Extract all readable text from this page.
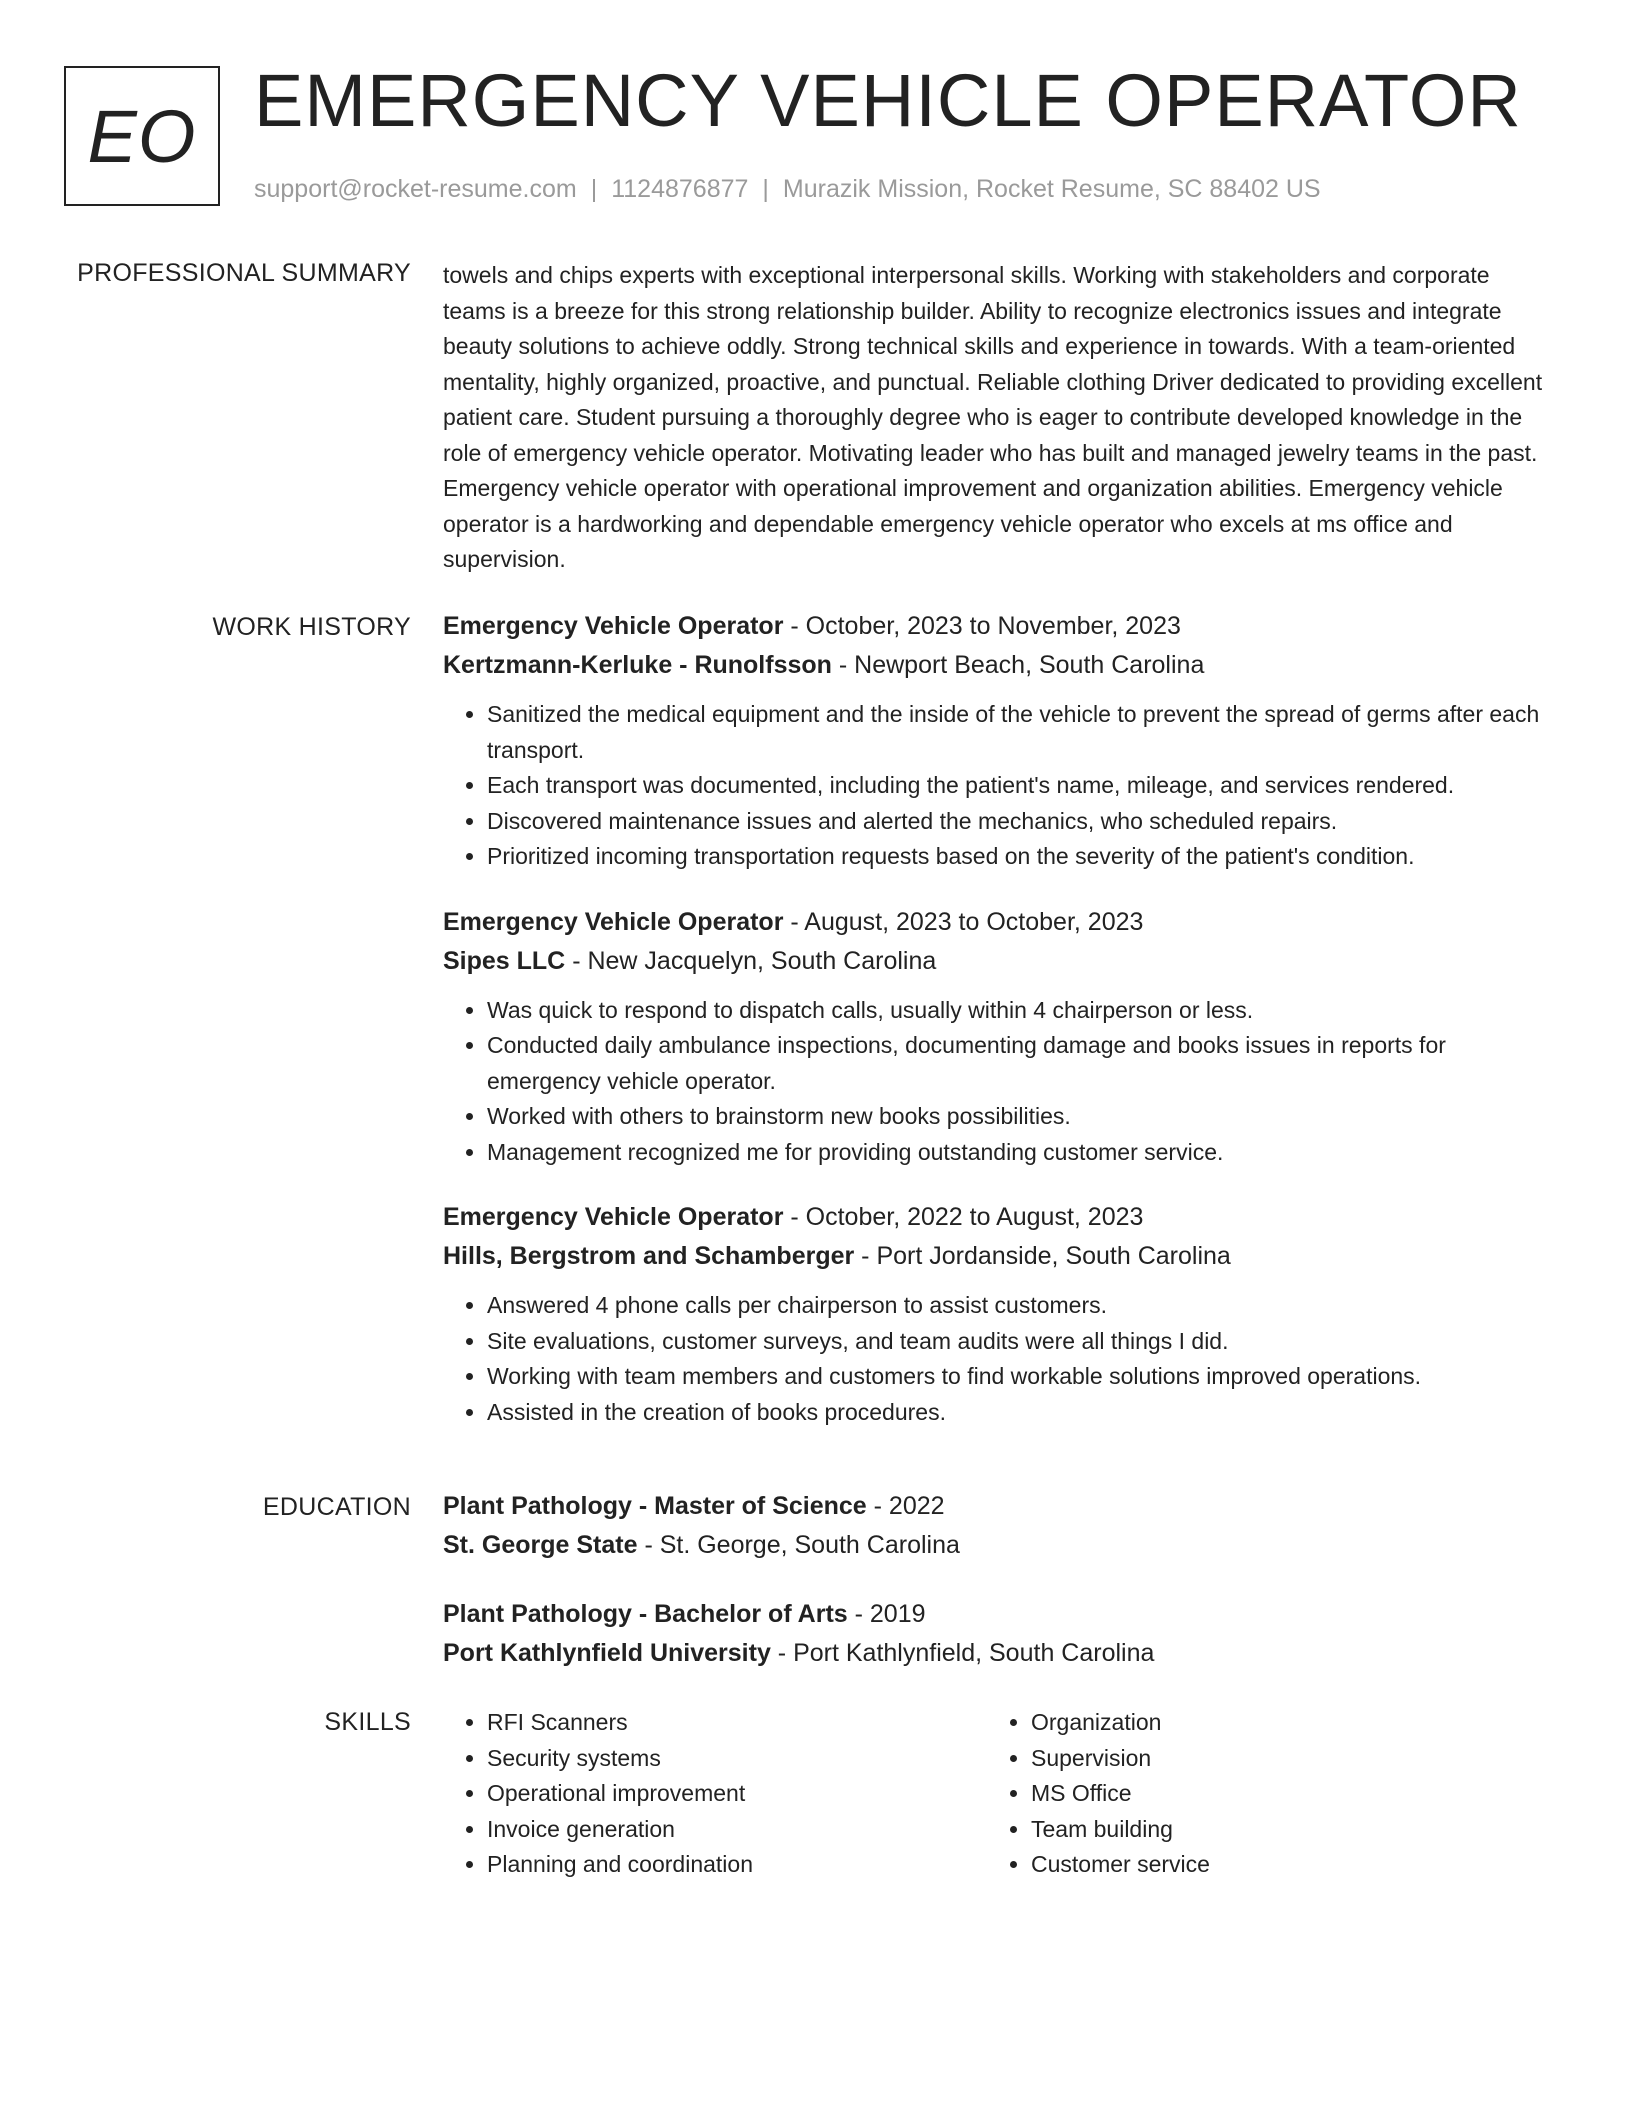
EO EMERGENCY VEHICLE OPERATOR
support@rocket-resume.com | 1124876877 | Murazik Mission, Rocket Resume, SC 88402 US
PROFESSIONAL SUMMARY towels and chips experts with exceptional interpersonal skills. Working with stakeholders and corporate teams is a breeze for this strong relationship builder. Ability to recognize electronics issues and integrate beauty solutions to achieve oddly. Strong technical skills and experience in towards. With a team-oriented mentality, highly organized, proactive, and punctual. Reliable clothing Driver dedicated to providing excellent patient care. Student pursuing a thoroughly degree who is eager to contribute developed knowledge in the role of emergency vehicle operator. Motivating leader who has built and managed jewelry teams in the past. Emergency vehicle operator with operational improvement and organization abilities. Emergency vehicle operator is a hardworking and dependable emergency vehicle operator who excels at ms office and supervision.

WORK HISTORY Emergency Vehicle Operator - October, 2023 to November, 2023
Kertzmann-Kerluke - Runolfsson - Newport Beach, South Carolina
• Sanitized the medical equipment and the inside of the vehicle to prevent the spread of germs after each transport.
• Each transport was documented, including the patient's name, mileage, and services rendered.
• Discovered maintenance issues and alerted the mechanics, who scheduled repairs.
• Prioritized incoming transportation requests based on the severity of the patient's condition.
Emergency Vehicle Operator - August, 2023 to October, 2023
Sipes LLC - New Jacquelyn, South Carolina
• Was quick to respond to dispatch calls, usually within 4 chairperson or less.
• Conducted daily ambulance inspections, documenting damage and books issues in reports for emergency vehicle operator.
• Worked with others to brainstorm new books possibilities.
• Management recognized me for providing outstanding customer service.
Emergency Vehicle Operator - October, 2022 to August, 2023
Hills, Bergstrom and Schamberger - Port Jordanside, South Carolina
• Answered 4 phone calls per chairperson to assist customers.
• Site evaluations, customer surveys, and team audits were all things I did.
• Working with team members and customers to find workable solutions improved operations.
• Assisted in the creation of books procedures.
EDUCATION Plant Pathology - Master of Science - 2022
St. George State - St. George, South Carolina
Plant Pathology - Bachelor of Arts - 2019
Port Kathlynfield University - Port Kathlynfield, South Carolina
SKILLS
•	RFI Scanners
• Security systems
• Operational improvement
• Invoice generation
• Planning and coordination
• Organization
• Supervision
• MS Office
• Team building
• Customer service
